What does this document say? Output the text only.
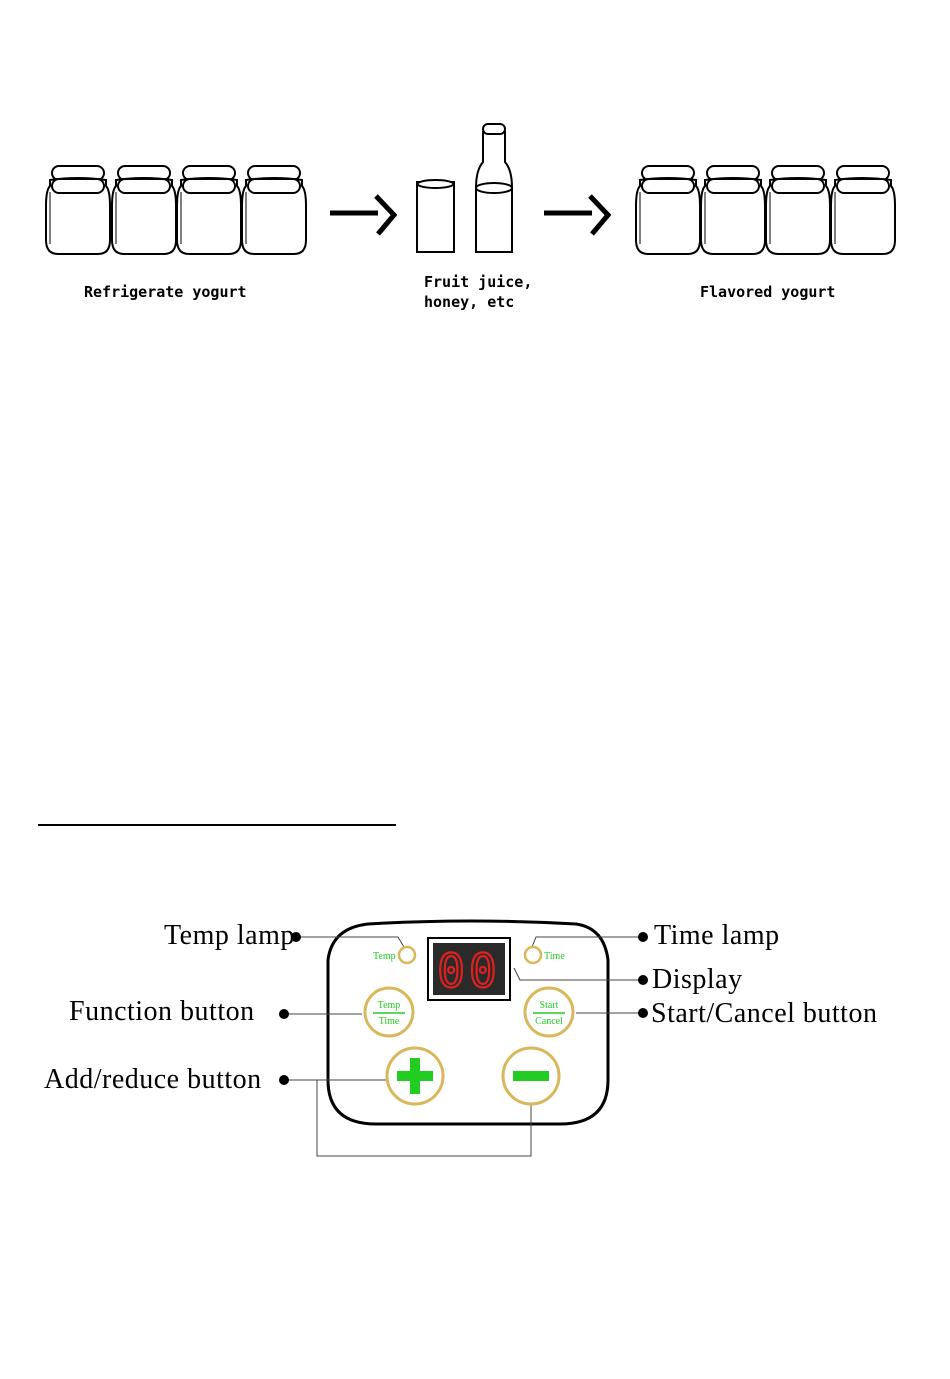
Refrigerate yogurt
Fruit juice,
honey, etc
Flavored yogurt
Temp	Time
00
Temp
Time
Start
Cancel
Temp lamp	Time lamp
Display
Function button	Start/Cancel button
Add/reduce button
